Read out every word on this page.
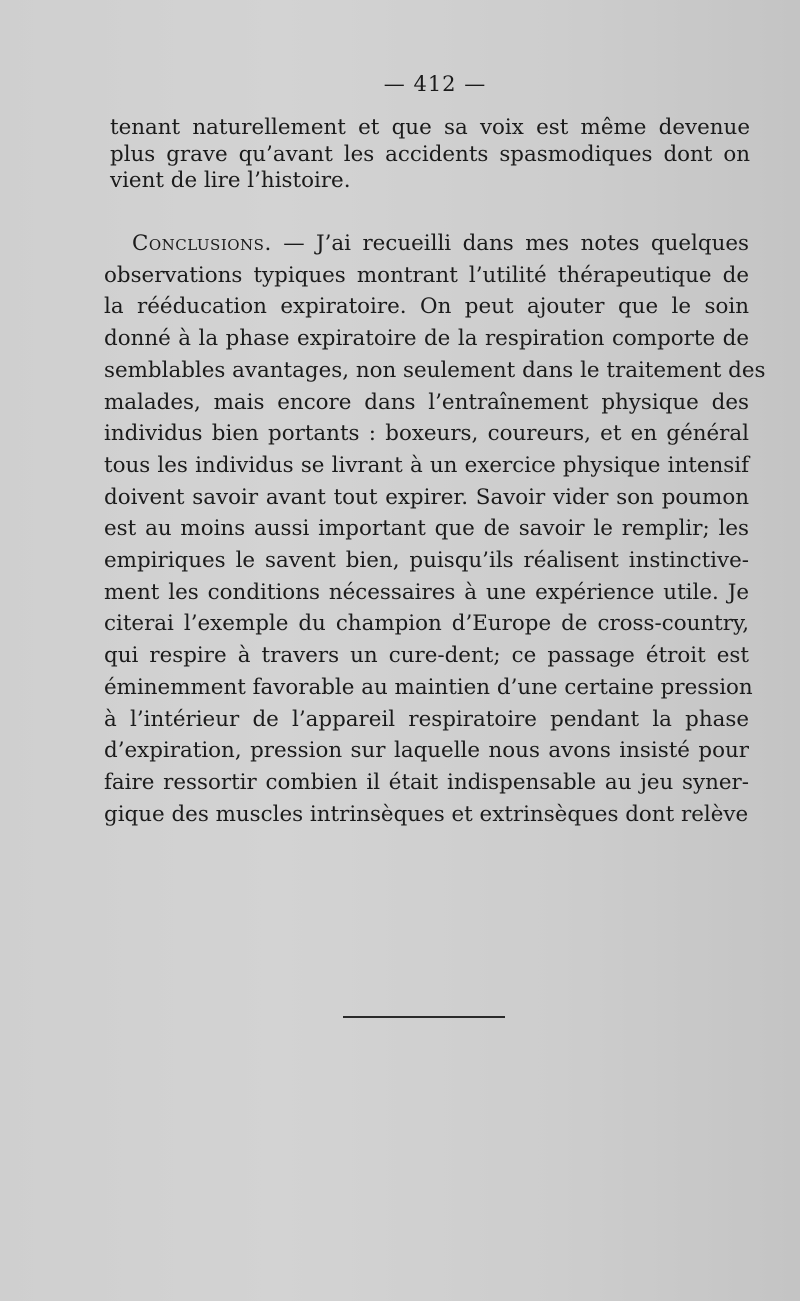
— 412 —
tenant naturellement et que sa voix est même devenue
plus grave qu’avant les accidents spasmodiques dont on
vient de lire l’histoire.
Conclusions. — J’ai recueilli dans mes notes quelques
observations typiques montrant l’utilité thérapeutique de
la rééducation expiratoire. On peut ajouter que le soin
donné à la phase expiratoire de la respiration comporte de
semblables avantages, non seulement dans le traitement des
malades, mais encore dans l’entraînement physique des
individus bien portants : boxeurs, coureurs, et en général
tous les individus se livrant à un exercice physique intensif
doivent savoir avant tout expirer. Savoir vider son poumon
est au moins aussi important que de savoir le remplir; les
empiriques le savent bien, puisqu’ils réalisent instinctive-
ment les conditions nécessaires à une expérience utile. Je
citerai l’exemple du champion d’Europe de cross-country,
qui respire à travers un cure-dent; ce passage étroit est
éminemment favorable au maintien d’une certaine pression
à l’intérieur de l’appareil respiratoire pendant la phase
d’expiration, pression sur laquelle nous avons insisté pour
faire ressortir combien il était indispensable au jeu syner-
gique des muscles intrinsèques et extrinsèques dont relève
